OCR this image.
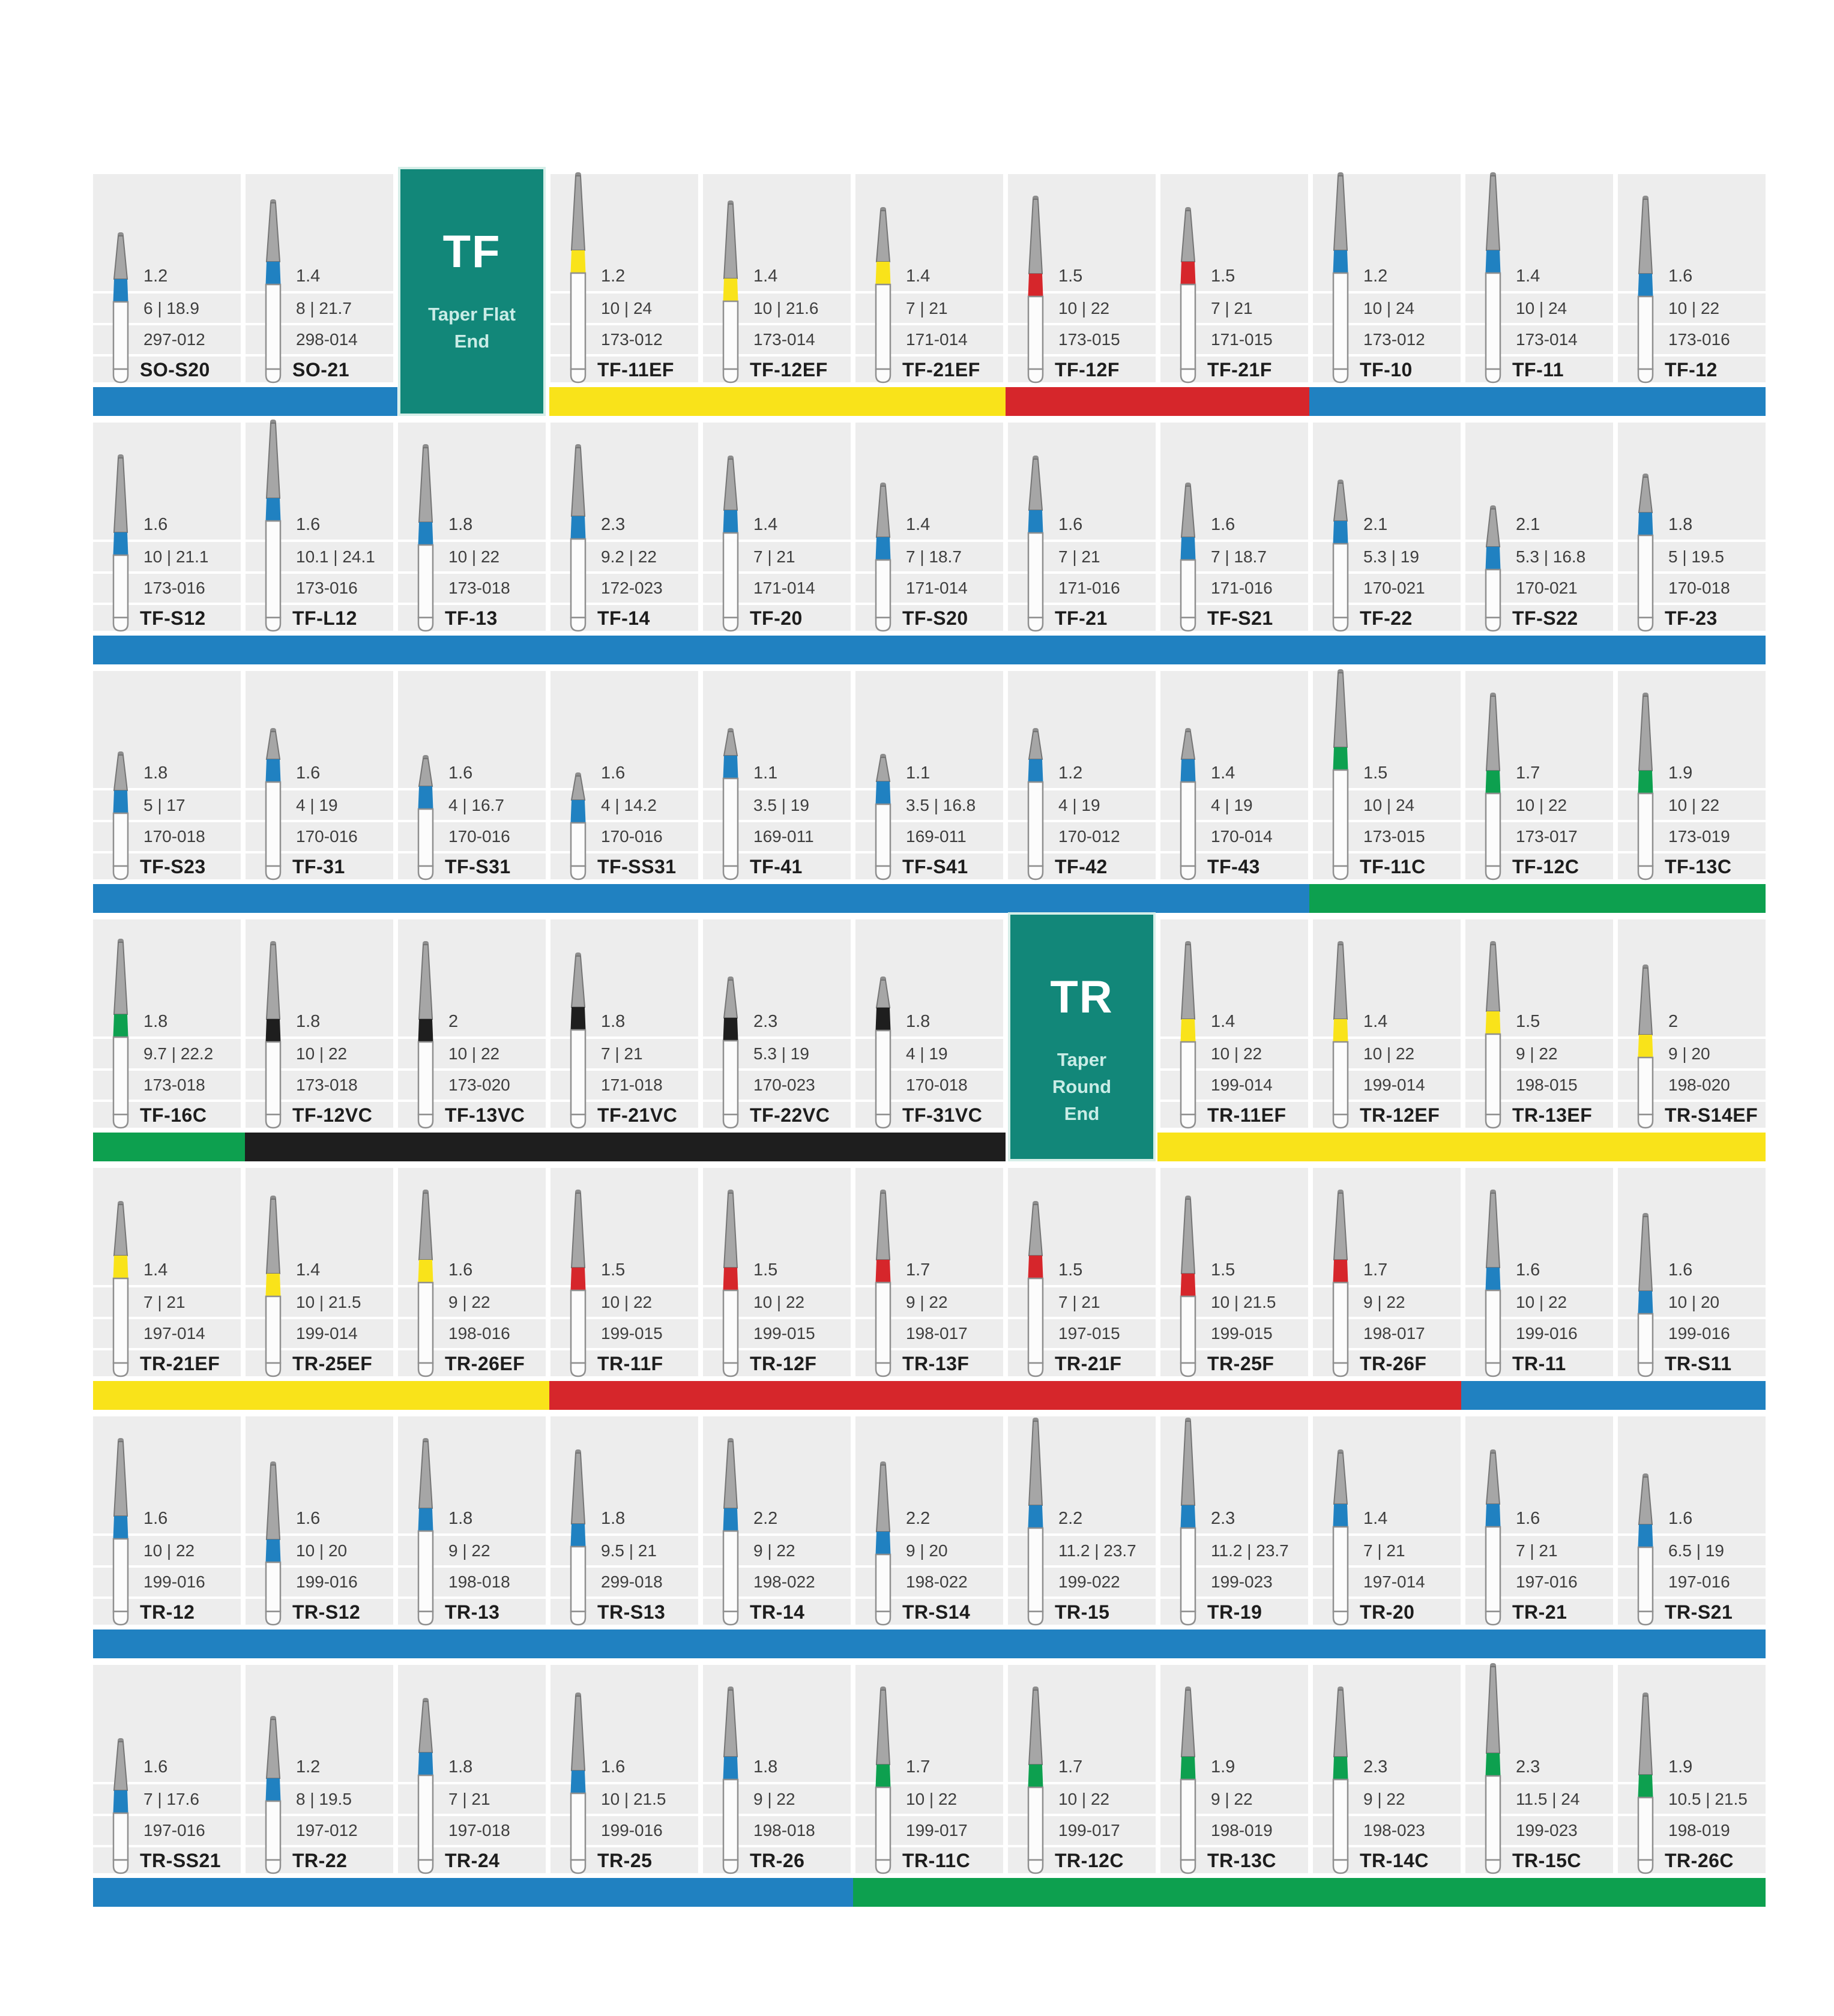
1.2
6 | 18.9
297-012
SO-S20
1.4
8 | 21.7
298-014
SO-21
TF
Taper Flat
End
1.2
10 | 24
173-012
TF-11EF
1.4
10 | 21.6
173-014
TF-12EF
1.4
7 | 21
171-014
TF-21EF
1.5
10 | 22
173-015
TF-12F
1.5
7 | 21
171-015
TF-21F
1.2
10 | 24
173-012
TF-10
1.4
10 | 24
173-014
TF-11
1.6
10 | 22
173-016
TF-12
1.6
10 | 21.1
173-016
TF-S12
1.6
10.1 | 24.1
173-016
TF-L12
1.8
10 | 22
173-018
TF-13
2.3
9.2 | 22
172-023
TF-14
1.4
7 | 21
171-014
TF-20
1.4
7 | 18.7
171-014
TF-S20
1.6
7 | 21
171-016
TF-21
1.6
7 | 18.7
171-016
TF-S21
2.1
5.3 | 19
170-021
TF-22
2.1
5.3 | 16.8
170-021
TF-S22
1.8
5 | 19.5
170-018
TF-23
1.8
5 | 17
170-018
TF-S23
1.6
4 | 19
170-016
TF-31
1.6
4 | 16.7
170-016
TF-S31
1.6
4 | 14.2
170-016
TF-SS31
1.1
3.5 | 19
169-011
TF-41
1.1
3.5 | 16.8
169-011
TF-S41
1.2
4 | 19
170-012
TF-42
1.4
4 | 19
170-014
TF-43
1.5
10 | 24
173-015
TF-11C
1.7
10 | 22
173-017
TF-12C
1.9
10 | 22
173-019
TF-13C
1.8
9.7 | 22.2
173-018
TF-16C
1.8
10 | 22
173-018
TF-12VC
2
10 | 22
173-020
TF-13VC
1.8
7 | 21
171-018
TF-21VC
2.3
5.3 | 19
170-023
TF-22VC
1.8
4 | 19
170-018
TF-31VC
TR
Taper
Round
End
1.4
10 | 22
199-014
TR-11EF
1.4
10 | 22
199-014
TR-12EF
1.5
9 | 22
198-015
TR-13EF
2
9 | 20
198-020
TR-S14EF
1.4
7 | 21
197-014
TR-21EF
1.4
10 | 21.5
199-014
TR-25EF
1.6
9 | 22
198-016
TR-26EF
1.5
10 | 22
199-015
TR-11F
1.5
10 | 22
199-015
TR-12F
1.7
9 | 22
198-017
TR-13F
1.5
7 | 21
197-015
TR-21F
1.5
10 | 21.5
199-015
TR-25F
1.7
9 | 22
198-017
TR-26F
1.6
10 | 22
199-016
TR-11
1.6
10 | 20
199-016
TR-S11
1.6
10 | 22
199-016
TR-12
1.6
10 | 20
199-016
TR-S12
1.8
9 | 22
198-018
TR-13
1.8
9.5 | 21
299-018
TR-S13
2.2
9 | 22
198-022
TR-14
2.2
9 | 20
198-022
TR-S14
2.2
11.2 | 23.7
199-022
TR-15
2.3
11.2 | 23.7
199-023
TR-19
1.4
7 | 21
197-014
TR-20
1.6
7 | 21
197-016
TR-21
1.6
6.5 | 19
197-016
TR-S21
1.6
7 | 17.6
197-016
TR-SS21
1.2
8 | 19.5
197-012
TR-22
1.8
7 | 21
197-018
TR-24
1.6
10 | 21.5
199-016
TR-25
1.8
9 | 22
198-018
TR-26
1.7
10 | 22
199-017
TR-11C
1.7
10 | 22
199-017
TR-12C
1.9
9 | 22
198-019
TR-13C
2.3
9 | 22
198-023
TR-14C
2.3
11.5 | 24
199-023
TR-15C
1.9
10.5 | 21.5
198-019
TR-26C
